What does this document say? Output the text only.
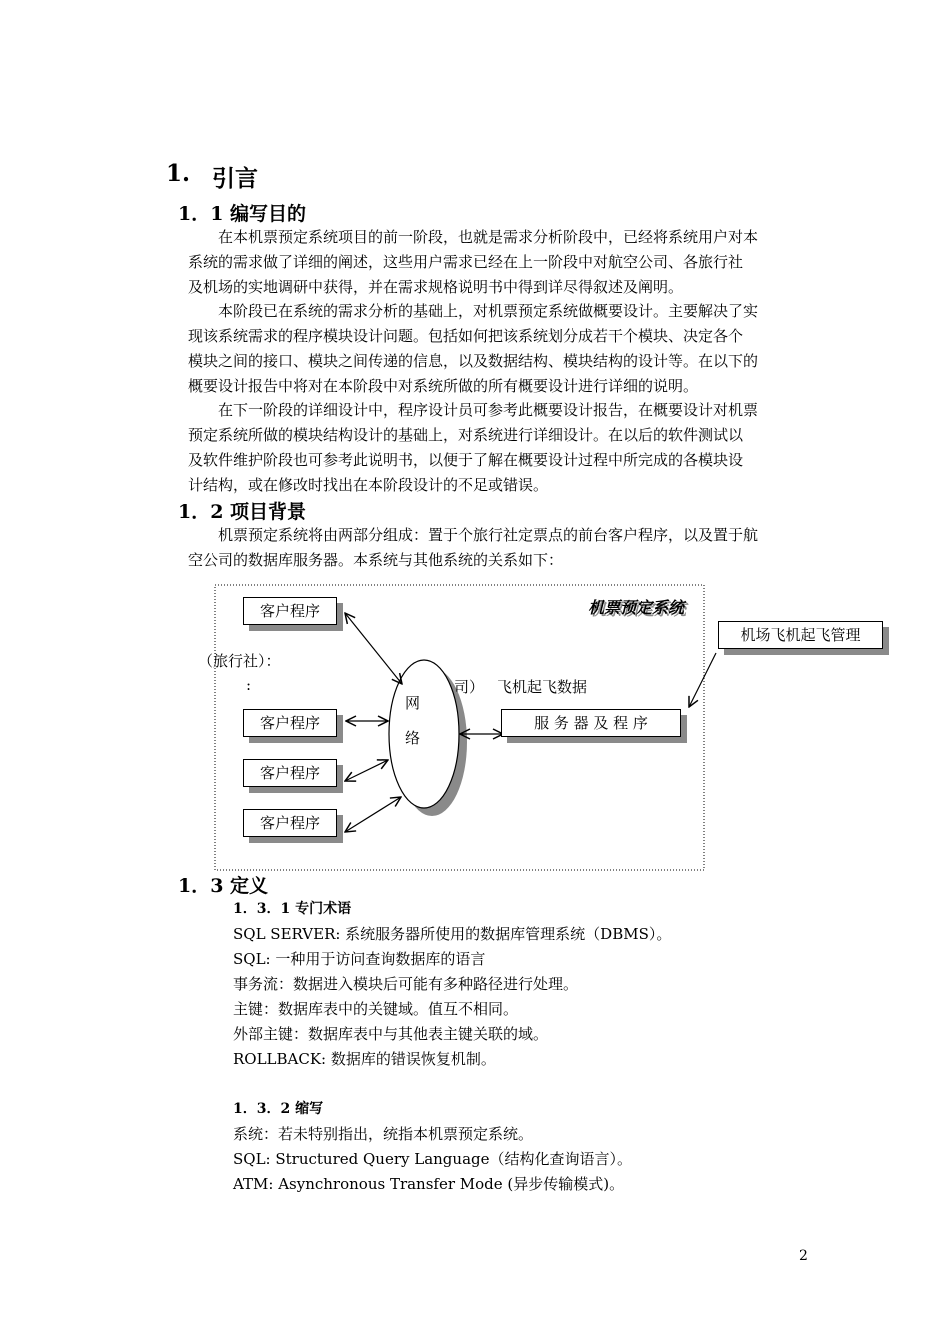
1. 引言
1．1 编写目的
在本机票预定系统项目的前一阶段，也就是需求分析阶段中，已经将系统用户对本
系统的需求做了详细的阐述，这些用户需求已经在上一阶段中对航空公司、各旅行社
及机场的实地调研中获得，并在需求规格说明书中得到详尽得叙述及阐明。
本阶段已在系统的需求分析的基础上，对机票预定系统做概要设计。主要解决了实
现该系统需求的程序模块设计问题。包括如何把该系统划分成若干个模块、决定各个
模块之间的接口、模块之间传递的信息，以及数据结构、模块结构的设计等。在以下的
概要设计报告中将对在本阶段中对系统所做的所有概要设计进行详细的说明。
在下一阶段的详细设计中，程序设计员可参考此概要设计报告，在概要设计对机票
预定系统所做的模块结构设计的基础上，对系统进行详细设计。在以后的软件测试以
及软件维护阶段也可参考此说明书，以便于了解在概要设计过程中所完成的各模块设
计结构，或在修改时找出在本阶段设计的不足或错误。
1．2 项目背景
机票预定系统将由两部分组成：置于个旅行社定票点的前台客户程序，以及置于航
空公司的数据库服务器。本系统与其他系统的关系如下：
机票预定系统
客户程序
客户程序
客户程序
客户程序
（旅行社）：
:
网
络
司） 飞机起飞数据
服 务 器 及 程 序
机场飞机起飞管理
1．3 定义
1．3．1 专门术语
SQL SERVER: 系统服务器所使用的数据库管理系统（DBMS）。
SQL: 一种用于访问查询数据库的语言
事务流：数据进入模块后可能有多种路径进行处理。
主键：数据库表中的关键域。值互不相同。
外部主键：数据库表中与其他表主键关联的域。
ROLLBACK: 数据库的错误恢复机制。
1．3．2 缩写
系统：若未特别指出，统指本机票预定系统。
SQL: Structured Query Language（结构化查询语言）。
ATM: Asynchronous Transfer Mode (异步传输模式)。
2
